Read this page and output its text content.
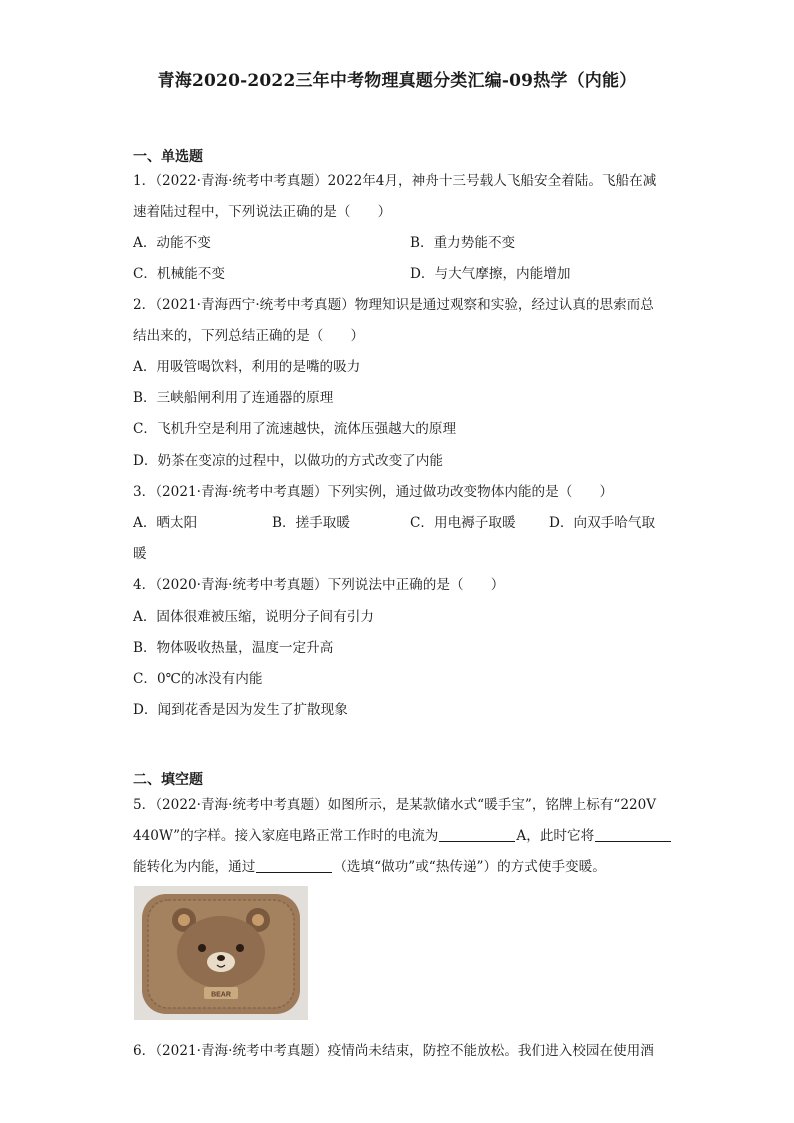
青海2020-2022三年中考物理真题分类汇编-09热学（内能）
一、单选题
1．（2022·青海·统考中考真题）2022年4月，神舟十三号载人飞船安全着陆。飞船在减
速着陆过程中，下列说法正确的是（　　）
A．动能不变	B．重力势能不变
C．机械能不变	D．与大气摩擦，内能增加
2．（2021·青海西宁·统考中考真题）物理知识是通过观察和实验，经过认真的思索而总
结出来的，下列总结正确的是（　　）
A．用吸管喝饮料，利用的是嘴的吸力
B．三峡船闸利用了连通器的原理
C．飞机升空是利用了流速越快，流体压强越大的原理
D．奶茶在变凉的过程中，以做功的方式改变了内能
3．（2021·青海·统考中考真题）下列实例，通过做功改变物体内能的是（　　）
A．晒太阳	B．搓手取暖	C．用电褥子取暖 D．向双手哈气取
暖
4．（2020·青海·统考中考真题）下列说法中正确的是（　　）
A．固体很难被压缩，说明分子间有引力
B．物体吸收热量，温度一定升高
C．0℃的冰没有内能
D．闻到花香是因为发生了扩散现象
二、填空题
5．（2022·青海·统考中考真题）如图所示，是某款储水式“暖手宝”，铭牌上标有“220V
440W”的字样。接入家庭电路正常工作时的电流为	A，此时它将
能转化为内能，通过	（选填“做功”或“热传递”）的方式使手变暖。
BEAR
6．（2021·青海·统考中考真题）疫情尚未结束，防控不能放松。我们进入校园在使用酒
